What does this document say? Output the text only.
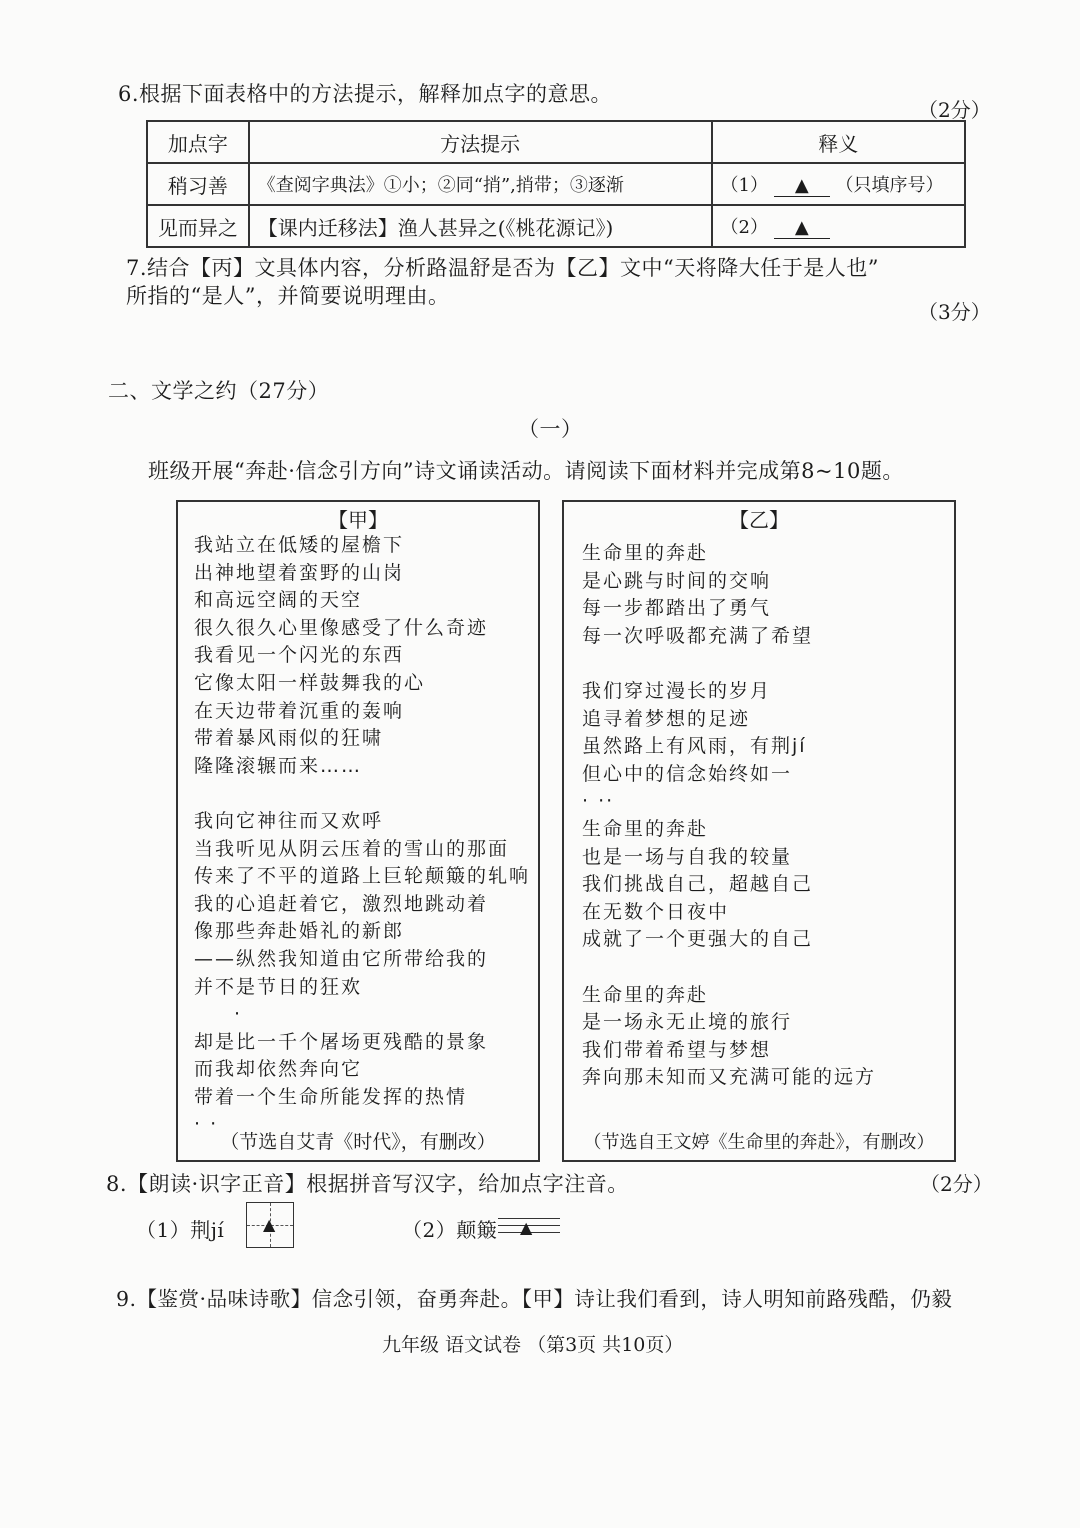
6.根据下面表格中的方法提示，解释加点字的意思。
（2分）
加点字	方法提示	释义
稍习善	《查阅字典法》①小；②同“捎”,捎带；③逐渐	（1） ▲ （只填序号）
见而异之	【课内迁移法】渔人甚异之(《桃花源记》)	（2） ▲
7.结合【丙】文具体内容，分析路温舒是否为【乙】文中“天将降大任于是人也”
所指的“是人”，并简要说明理由。
（3分）
二、文学之约（27分）
（一）
班级开展“奔赴·信念引方向”诗文诵读活动。请阅读下面材料并完成第8~10题。
【甲】
我站立在低矮的屋檐下
出神地望着蛮野的山岗
和高远空阔的天空
很久很久心里像感受了什么奇迹
我看见一个闪光的东西
它像太阳一样鼓舞我的心
在天边带着沉重的轰响
带着暴风雨似的狂啸
隆隆滚辗而来……
我向它神往而又欢呼
当我听见从阴云压着的雪山的那面
传来了不平的道路上巨轮颠簸的轧响
我的心追赶着它，激烈地跳动着
像那些奔赴婚礼的新郎
——纵然我知道由它所带给我的
并不是节日的狂欢
·
却是比一千个屠场更残酷的景象
而我却依然奔向它
带着一个生命所能发挥的热情
· ·
（节选自艾青《时代》，有删改）
【乙】
生命里的奔赴
是心跳与时间的交响
每一步都踏出了勇气
每一次呼吸都充满了希望
我们穿过漫长的岁月
追寻着梦想的足迹
虽然路上有风雨，有荆jí
但心中的信念始终如一
· ··
生命里的奔赴
也是一场与自我的较量
我们挑战自己，超越自己
在无数个日夜中
成就了一个更强大的自己
生命里的奔赴
是一场永无止境的旅行
我们带着希望与梦想
奔向那未知而又充满可能的远方
（节选自王文婷《生命里的奔赴》，有删改）
8.【朗读·识字正音】根据拼音写汉字，给加点字注音。	（2分）
（1）荆jí ▲	（2）颠簸 ▲
9.【鉴赏·品味诗歌】信念引领，奋勇奔赴。【甲】诗让我们看到，诗人明知前路残酷，仍毅
九年级 语文试卷 （第3页 共10页）
